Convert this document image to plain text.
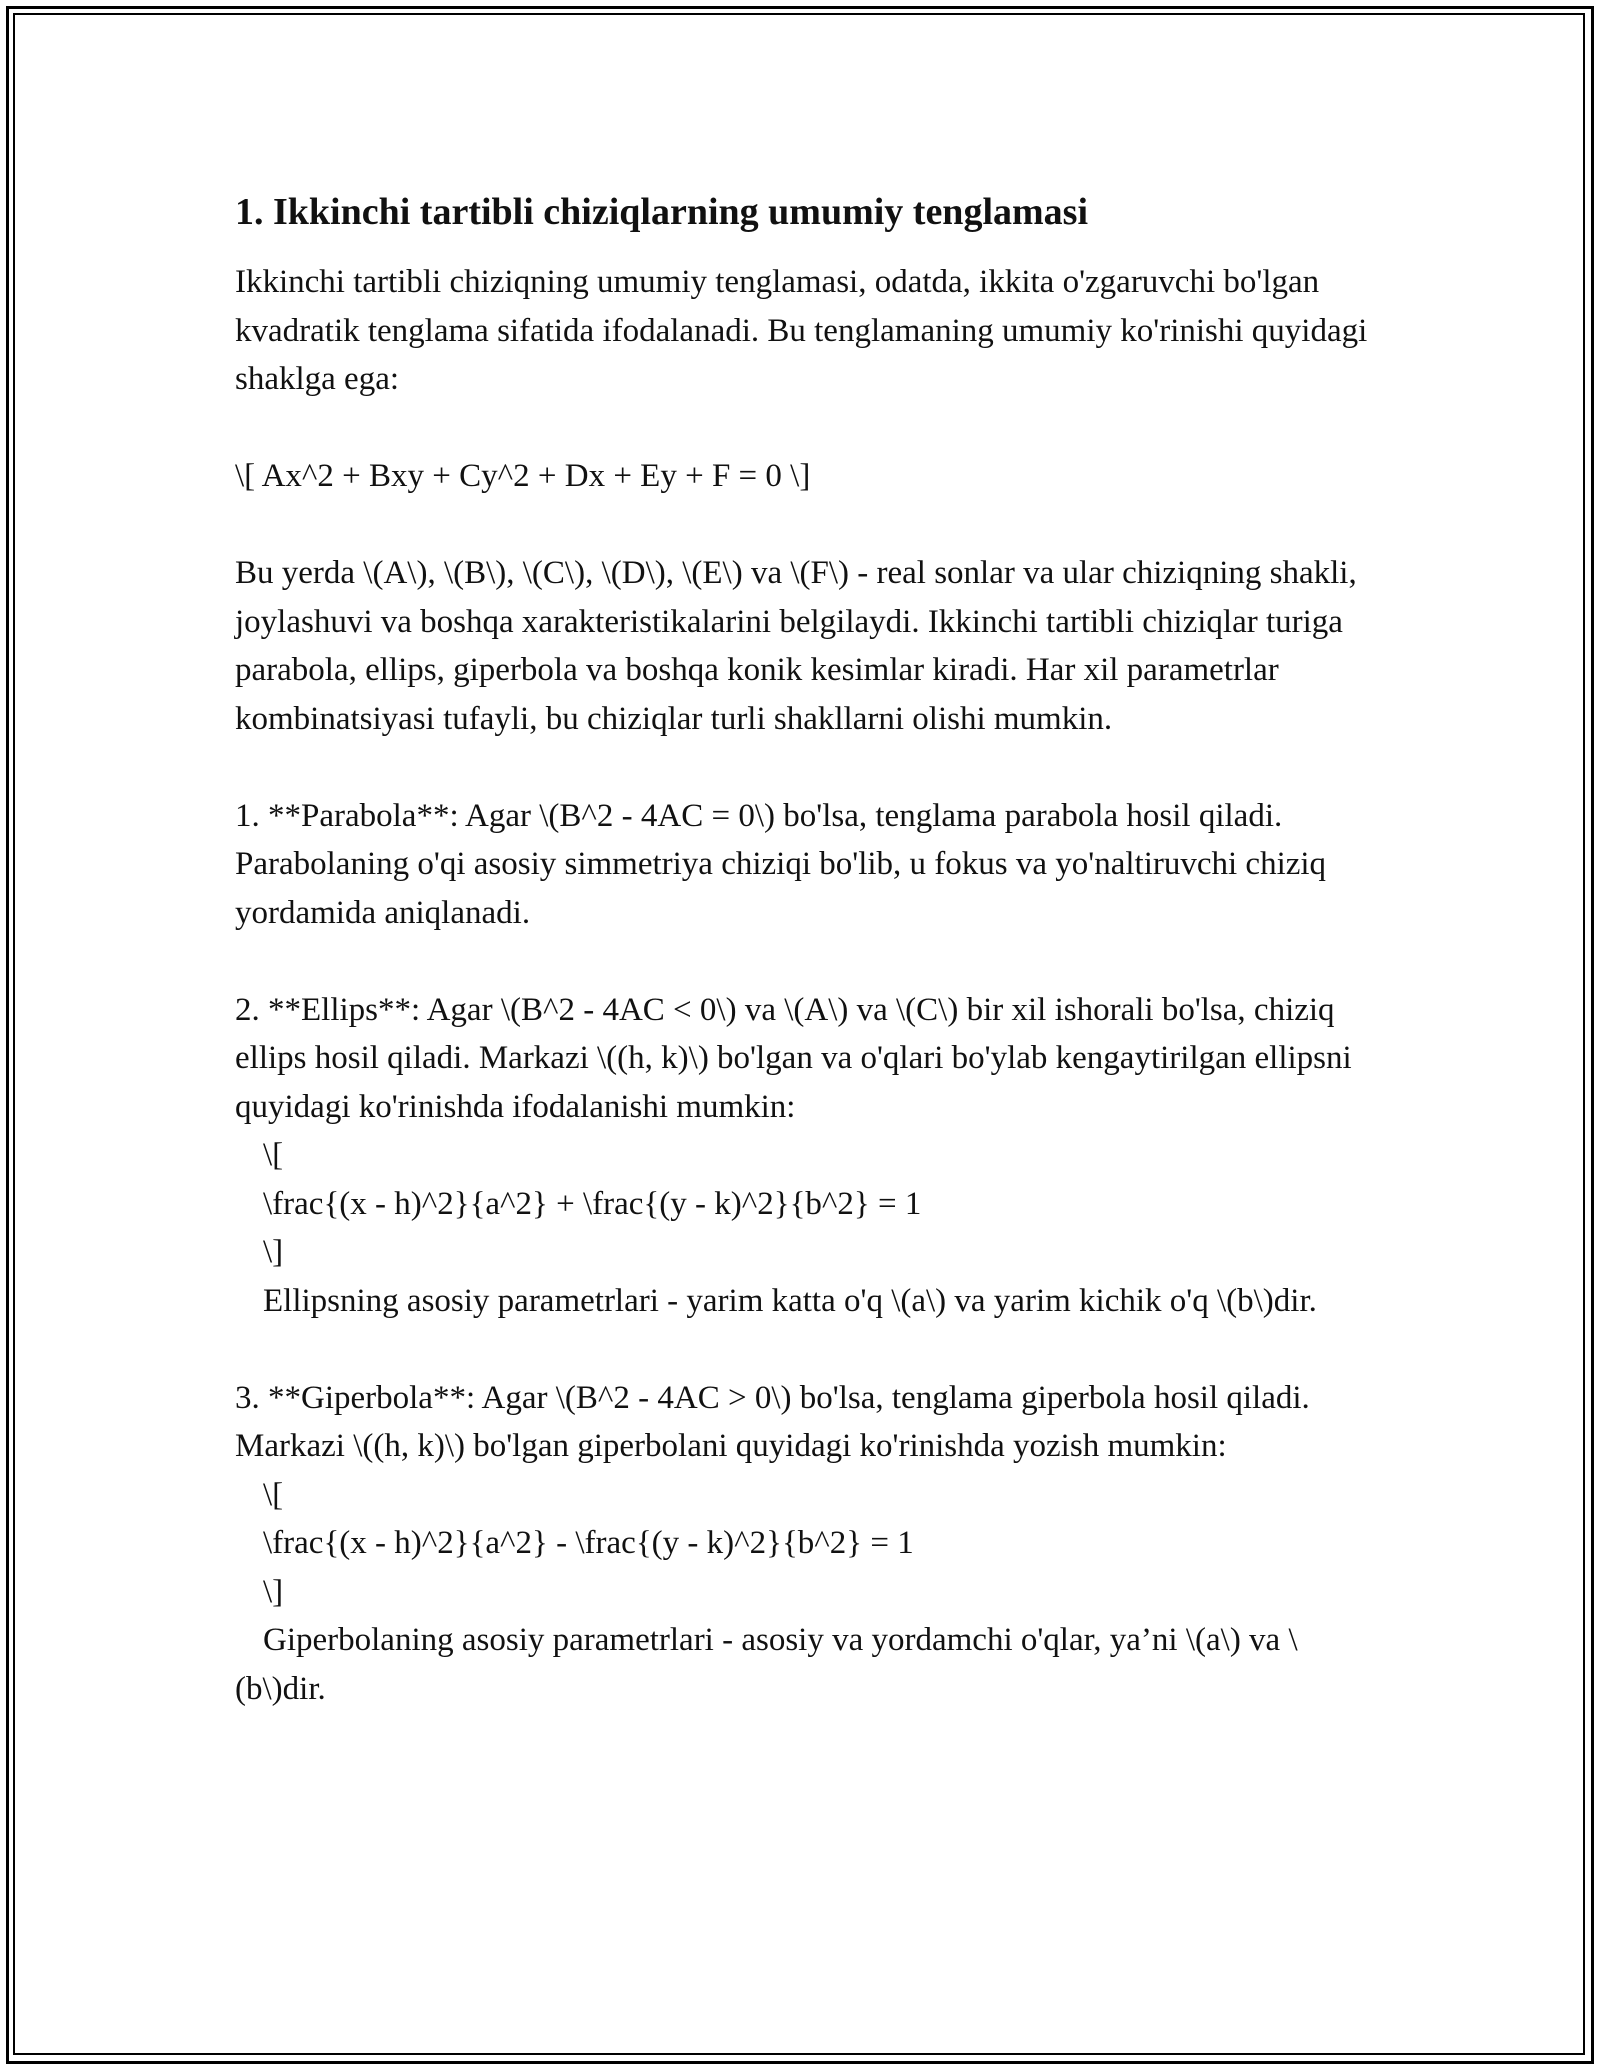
1. Ikkinchi tartibli chiziqlarning umumiy tenglamasi

Ikkinchi tartibli chiziqning umumiy tenglamasi, odatda, ikkita o'zgaruvchi bo'lgan kvadratik tenglama sifatida ifodalanadi. Bu tenglamaning umumiy ko'rinishi quyidagi shaklga ega:

\[ Ax^2 + Bxy + Cy^2 + Dx + Ey + F = 0 \]

Bu yerda \(A\), \(B\), \(C\), \(D\), \(E\) va \(F\) - real sonlar va ular chiziqning shakli, joylashuvi va boshqa xarakteristikalarini belgilaydi. Ikkinchi tartibli chiziqlar turiga parabola, ellips, giperbola va boshqa konik kesimlar kiradi. Har xil parametrlar kombinatsiyasi tufayli, bu chiziqlar turli shakllarni olishi mumkin.

1. **Parabola**: Agar \(B^2 - 4AC = 0\) bo'lsa, tenglama parabola hosil qiladi. Parabolaning o'qi asosiy simmetriya chiziqi bo'lib, u fokus va yo'naltiruvchi chiziq yordamida aniqlanadi.

2. **Ellips**: Agar \(B^2 - 4AC < 0\) va \(A\) va \(C\) bir xil ishorali bo'lsa, chiziq ellips hosil qiladi. Markazi \((h, k)\) bo'lgan va o'qlari bo'ylab kengaytirilgan ellipsni quyidagi ko'rinishda ifodalanishi mumkin:

\[

\frac{(x - h)^2}{a^2} + \frac{(y - k)^2}{b^2} = 1

\]

Ellipsning asosiy parametrlari - yarim katta o'q \(a\) va yarim kichik o'q \(b\)dir.

3. **Giperbola**: Agar \(B^2 - 4AC > 0\) bo'lsa, tenglama giperbola hosil qiladi. Markazi \((h, k)\) bo'lgan giperbolani quyidagi ko'rinishda yozish mumkin:

\[

\frac{(x - h)^2}{a^2} - \frac{(y - k)^2}{b^2} = 1

\]

Giperbolaning asosiy parametrlari - asosiy va yordamchi o'qlar, ya’ni \(a\) va \(b\)dir.
